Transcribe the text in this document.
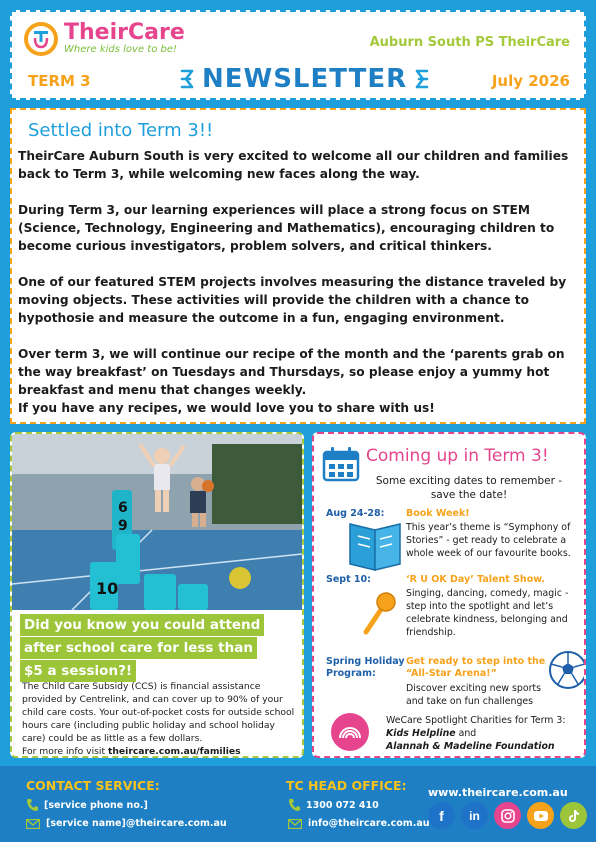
TheirCare
Where kids love to be!	Auburn South PS TheirCare
TERM 3	NEWSLETTER	July 2026
Settled into Term 3!!

TheirCare Auburn South is very excited to welcome all our children and families back to Term 3, while welcoming new faces along the way.

During Term 3, our learning experiences will place a strong focus on STEM (Science, Technology, Engineering and Mathematics), encouraging children to become curious investigators, problem solvers, and critical thinkers.

One of our featured STEM projects involves measuring the distance traveled by moving objects. These activities will provide the children with a chance to hypothosie and measure the outcome in a fun, engaging environment.

Over term 3, we will continue our recipe of the month and the ‘parents grab on the way breakfast’ on Tuesdays and Thursdays, so please enjoy a yummy hot breakfast and menu that changes weekly.

If you have any recipes, we would love you to share with us!

6
9
10
Did you know you could attend
after school care for less than
$5 a session?!
The Child Care Subsidy (CCS) is financial assistance provided by Centrelink, and can cover up to 90% of your child care costs. Your out-of-pocket costs for outside school hours care (including public holiday and school holiday care) could be as little as a few dollars.
For more info visit theircare.com.au/families
Coming up in Term 3!
Some exciting dates to remember - save the date!
Aug 24-28: Book Week!
This year’s theme is “Symphony of Stories” - get ready to celebrate a whole week of our favourite books.
Sept 10:	‘R U OK Day’ Talent Show.
Singing, dancing, comedy, magic - step into the spotlight and let’s celebrate kindness, belonging and friendship.
Spring Holiday Program:
Get ready to step into the “All-Star Arena!”
Discover exciting new sports and take on fun challenges
WeCare Spotlight Charities for Term 3:
Kids Helpline and
Alannah & Madeline Foundation
CONTACT SERVICE:
[service phone no.]
[service name]@theircare.com.au
TC HEAD OFFICE:
1300 072 410
info@theircare.com.au
www.theircare.com.au
f	in
